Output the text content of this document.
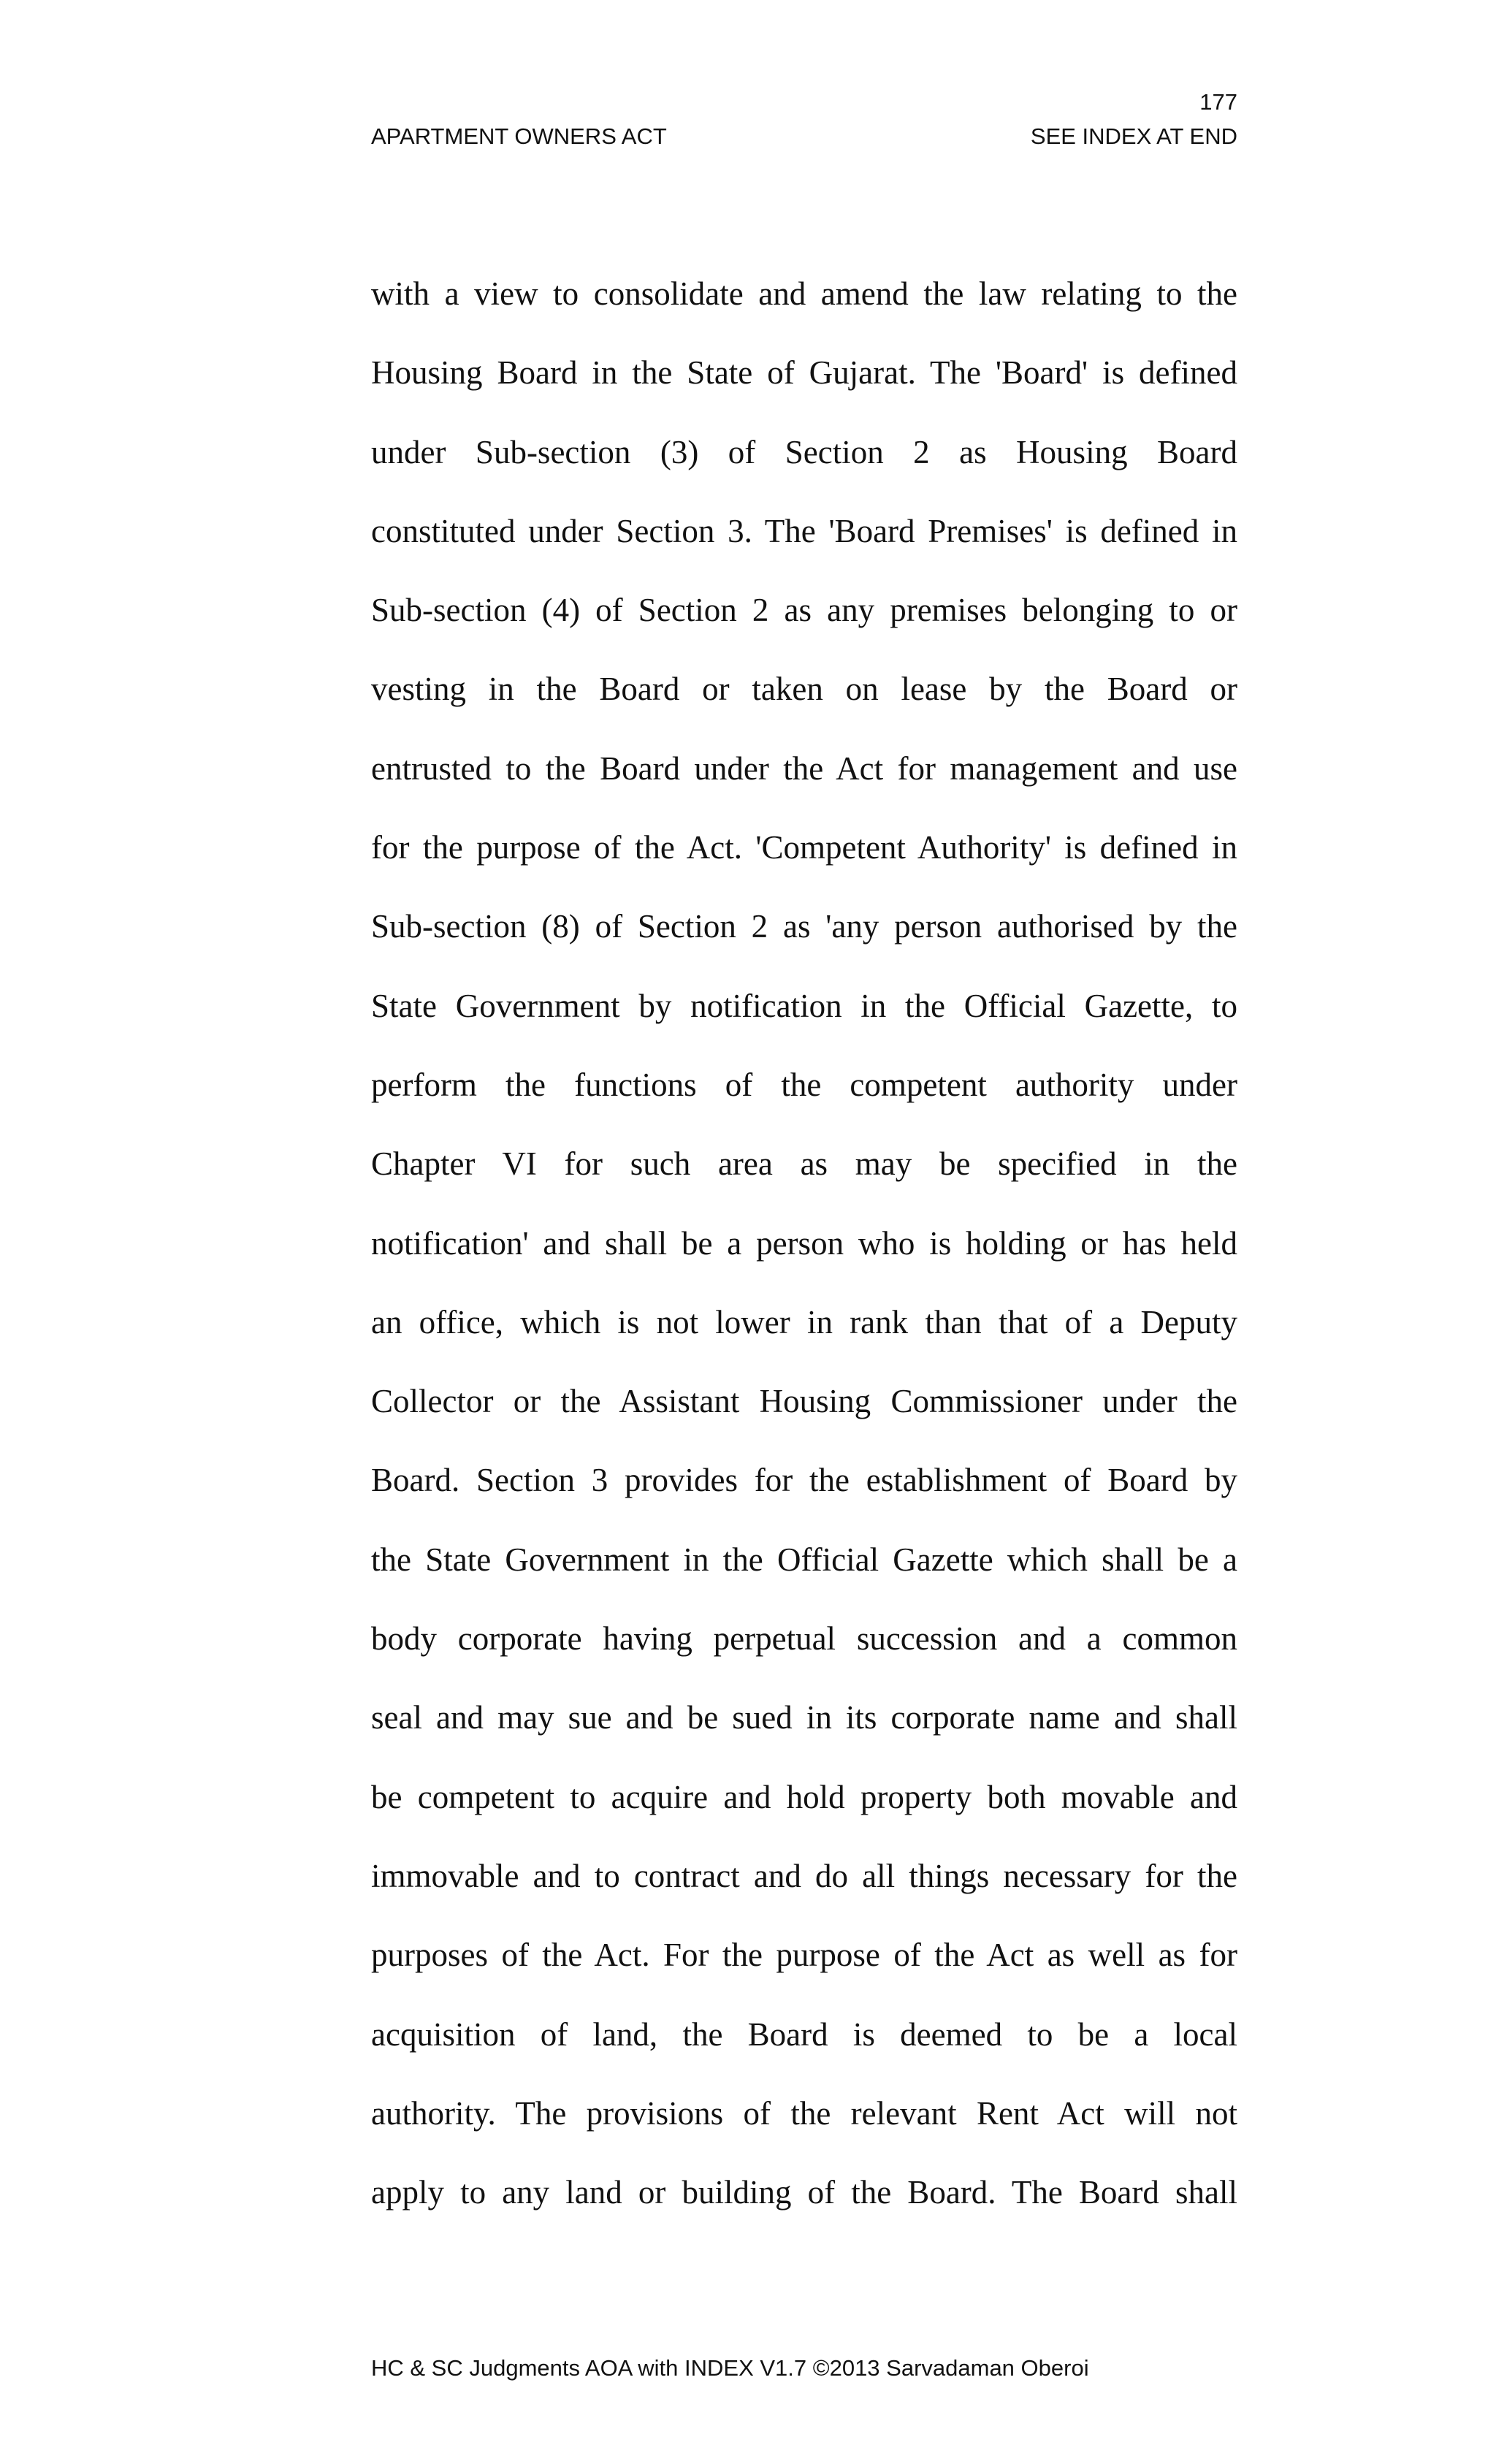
177
APARTMENT OWNERS ACT	SEE INDEX AT END
with a view to consolidate and amend the law relating to the
Housing Board in the State of Gujarat. The 'Board' is defined
under Sub-section (3) of Section 2 as Housing Board
constituted under Section 3. The 'Board Premises' is defined in
Sub-section (4) of Section 2 as any premises belonging to or
vesting in the Board or taken on lease by the Board or
entrusted to the Board under the Act for management and use
for the purpose of the Act. 'Competent Authority' is defined in
Sub-section (8) of Section 2 as 'any person authorised by the
State Government by notification in the Official Gazette, to
perform the functions of the competent authority under
Chapter VI for such area as may be specified in the
notification' and shall be a person who is holding or has held
an office, which is not lower in rank than that of a Deputy
Collector or the Assistant Housing Commissioner under the
Board. Section 3 provides for the establishment of Board by
the State Government in the Official Gazette which shall be a
body corporate having perpetual succession and a common
seal and may sue and be sued in its corporate name and shall
be competent to acquire and hold property both movable and
immovable and to contract and do all things necessary for the
purposes of the Act. For the purpose of the Act as well as for
acquisition of land, the Board is deemed to be a local
authority. The provisions of the relevant Rent Act will not
apply to any land or building of the Board. The Board shall
HC & SC Judgments AOA with INDEX V1.7 ©2013 Sarvadaman Oberoi
